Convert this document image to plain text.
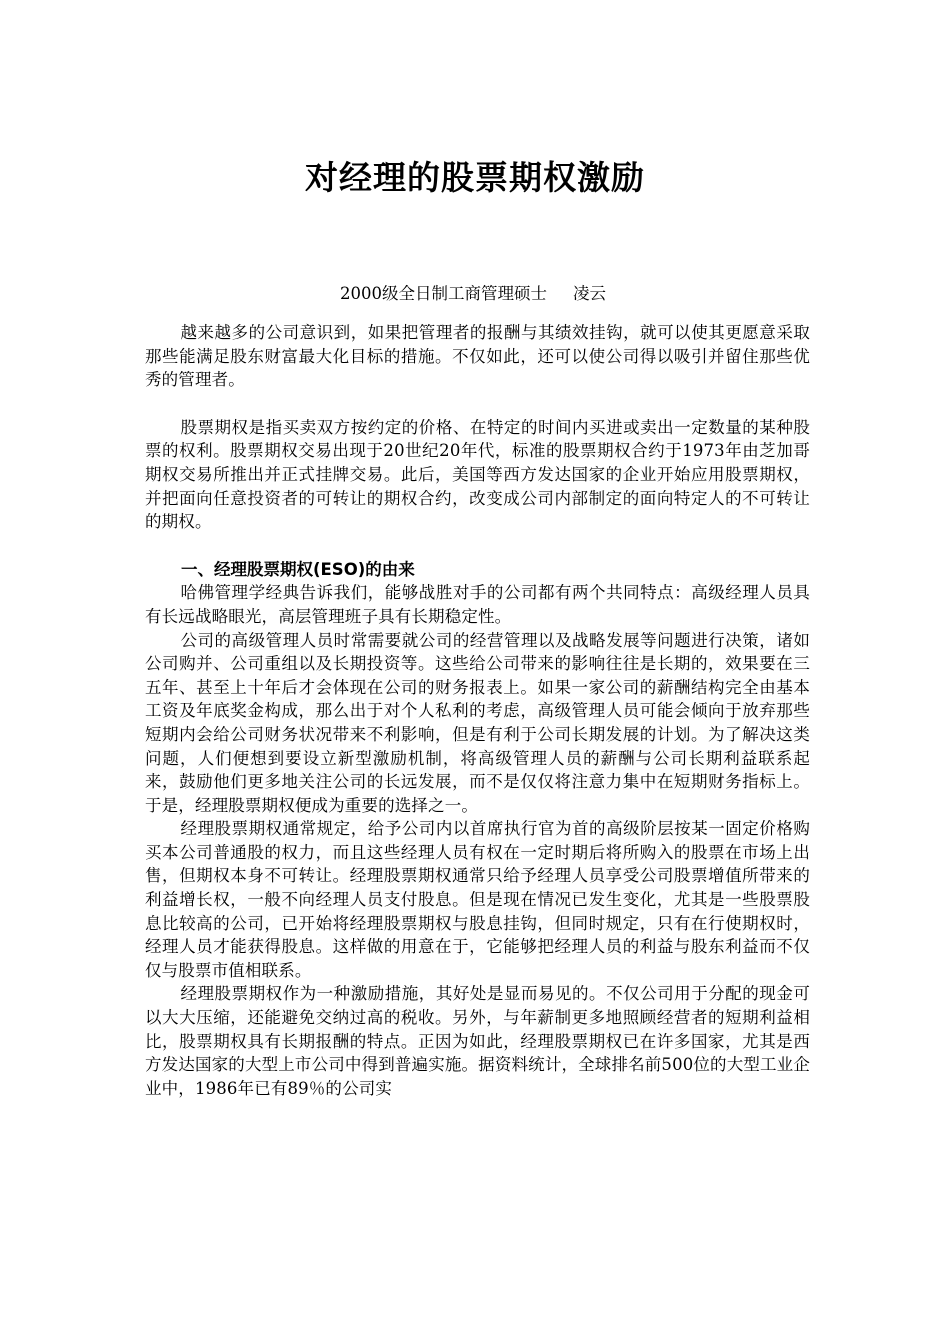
对经理的股票期权激励
2000级全日制工商管理硕士 凌云

越来越多的公司意识到，如果把管理者的报酬与其绩效挂钩，就可以使其更愿意采取那些能满足股东财富最大化目标的措施。不仅如此，还可以使公司得以吸引并留住那些优秀的管理者。

股票期权是指买卖双方按约定的价格、在特定的时间内买进或卖出一定数量的某种股票的权利。股票期权交易出现于20世纪20年代，标准的股票期权合约于1973年由芝加哥期权交易所推出并正式挂牌交易。此后，美国等西方发达国家的企业开始应用股票期权，并把面向任意投资者的可转让的期权合约，改变成公司内部制定的面向特定人的不可转让的期权。

一、经理股票期权(ESO)的由来

哈佛管理学经典告诉我们，能够战胜对手的公司都有两个共同特点：高级经理人员具有长远战略眼光，高层管理班子具有长期稳定性。

公司的高级管理人员时常需要就公司的经营管理以及战略发展等问题进行决策，诸如公司购并、公司重组以及长期投资等。这些给公司带来的影响往往是长期的，效果要在三五年、甚至上十年后才会体现在公司的财务报表上。如果一家公司的薪酬结构完全由基本工资及年底奖金构成，那么出于对个人私利的考虑，高级管理人员可能会倾向于放弃那些短期内会给公司财务状况带来不利影响，但是有利于公司长期发展的计划。为了解决这类问题，人们便想到要设立新型激励机制，将高级管理人员的薪酬与公司长期利益联系起来，鼓励他们更多地关注公司的长远发展，而不是仅仅将注意力集中在短期财务指标上。于是，经理股票期权便成为重要的选择之一。

经理股票期权通常规定，给予公司内以首席执行官为首的高级阶层按某一固定价格购买本公司普通股的权力，而且这些经理人员有权在一定时期后将所购入的股票在市场上出售，但期权本身不可转让。经理股票期权通常只给予经理人员享受公司股票增值所带来的利益增长权，一般不向经理人员支付股息。但是现在情况已发生变化，尤其是一些股票股息比较高的公司，已开始将经理股票期权与股息挂钩，但同时规定，只有在行使期权时，经理人员才能获得股息。这样做的用意在于，它能够把经理人员的利益与股东利益而不仅仅与股票市值相联系。

经理股票期权作为一种激励措施，其好处是显而易见的。不仅公司用于分配的现金可以大大压缩，还能避免交纳过高的税收。另外，与年薪制更多地照顾经营者的短期利益相比，股票期权具有长期报酬的特点。正因为如此，经理股票期权已在许多国家，尤其是西方发达国家的大型上市公司中得到普遍实施。据资料统计，全球排名前500位的大型工业企业中，1986年已有89％的公司实
